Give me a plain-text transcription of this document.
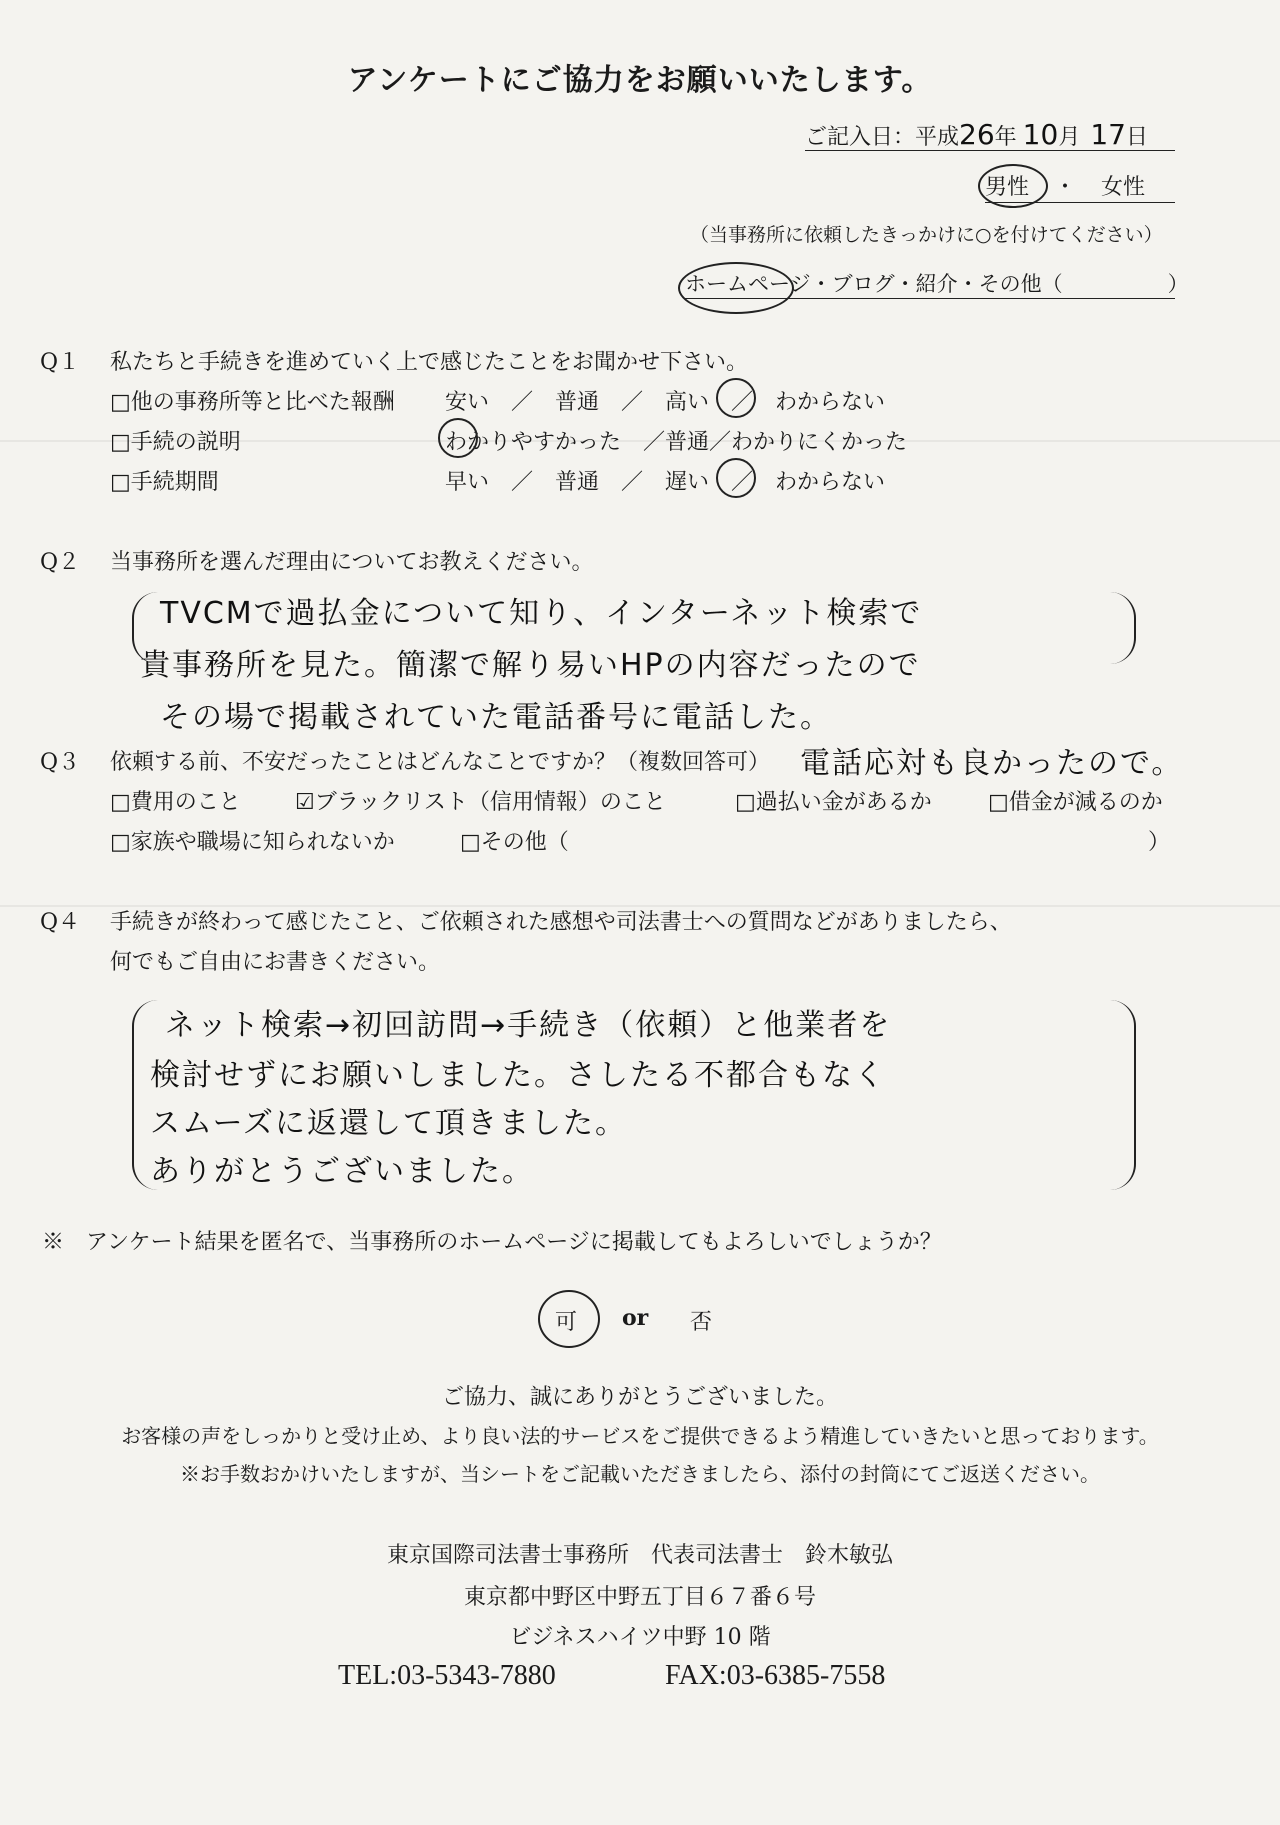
アンケートにご協力をお願いいたします。
ご記入日：平成26年 10月 17日
男性 ・ 女性
（当事務所に依頼したきっかけに○を付けてください）
ホームページ・ブログ・紹介・その他（　　　　　）
Q１ 私たちと手続きを進めていく上で感じたことをお聞かせ下さい。
□他の事務所等と比べた報酬 安い　／　普通　／　高い　／　わからない
□手続の説明	わかりやすかった　／普通／わかりにくかった
□手続期間	早い　／　普通　／　遅い　／　わからない
Q２ 当事務所を選んだ理由についてお教えください。
TVCMで過払金について知り、インターネット検索で
貴事務所を見た。簡潔で解り易いHPの内容だったので
その場で掲載されていた電話番号に電話した。
Q３ 依頼する前、不安だったことはどんなことですか？（複数回答可） 電話応対も良かったので。
□費用のこと ☑ブラックリスト（信用情報）のこと	□過払い金があるか	□借金が減るのか
□家族や職場に知られないか	□その他（	）
Q４ 手続きが終わって感じたこと、ご依頼された感想や司法書士への質問などがありましたら、
何でもご自由にお書きください。
ネット検索→初回訪問→手続き（依頼）と他業者を
検討せずにお願いしました。さしたる不都合もなく
スムーズに返還して頂きました。
ありがとうございました。
※　アンケート結果を匿名で、当事務所のホームページに掲載してもよろしいでしょうか？
可 or 否
ご協力、誠にありがとうございました。
お客様の声をしっかりと受け止め、より良い法的サービスをご提供できるよう精進していきたいと思っております。
※お手数おかけいたしますが、当シートをご記載いただきましたら、添付の封筒にてご返送ください。
東京国際司法書士事務所　代表司法書士　鈴木敏弘
東京都中野区中野五丁目６７番６号
ビジネスハイツ中野 10 階
TEL:03-5343-7880	FAX:03-6385-7558
